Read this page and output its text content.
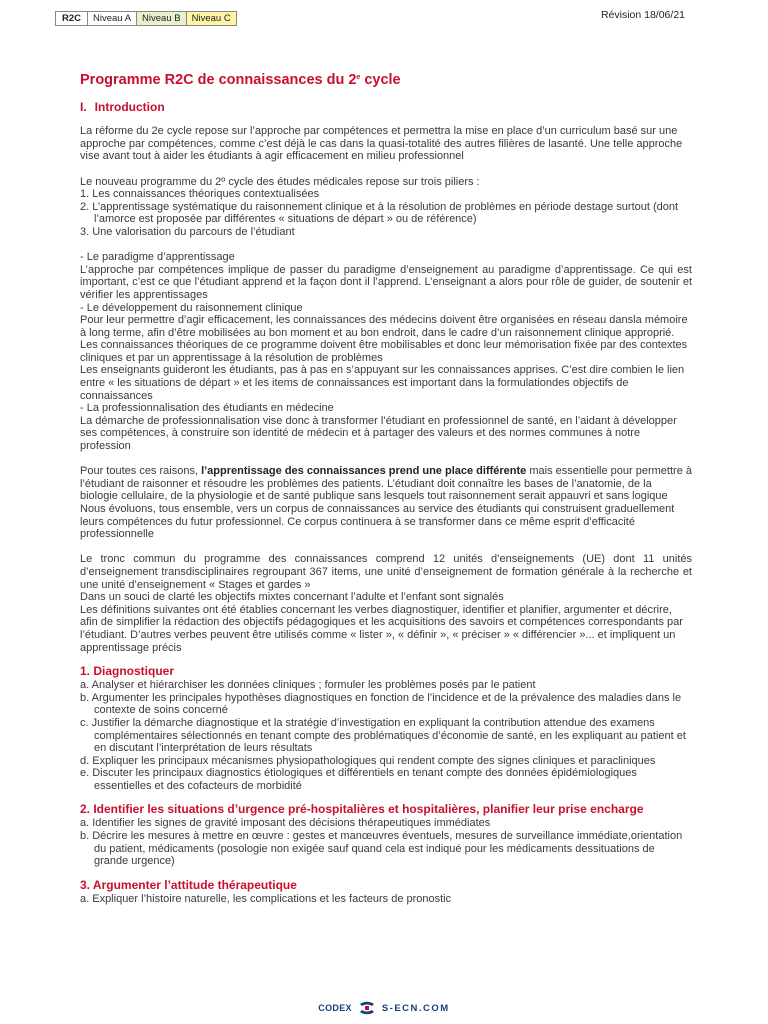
R2C	Niveau A	Niveau B	Niveau C	Révision 18/06/21
Programme R2C de connaissances du 2e cycle
I. Introduction

La réforme du 2e cycle repose sur l’approche par compétences et permettra la mise en place d’un curriculum basé sur une approche par compétences, comme c’est déjà le cas dans la quasi-totalité des autres filières de lasanté. Une telle approche vise avant tout à aider les étudiants à agir efficacement en milieu professionnel

Le nouveau programme du 2º cycle des études médicales repose sur trois piliers :

1. Les connaissances théoriques contextualisées

2. L’apprentissage systématique du raisonnement clinique et à la résolution de problèmes en période destage surtout (dont l’amorce est proposée par différentes « situations de départ » ou de référence)

3. Une valorisation du parcours de l’étudiant

- Le paradigme d’apprentissage

L’approche par compétences implique de passer du paradigme d’enseignement au paradigme d’apprentissage. Ce qui est important, c’est ce que l’étudiant apprend et la façon dont il l’apprend. L’enseignant a alors pour rôle de guider, de soutenir et vérifier les apprentissages

- Le développement du raisonnement clinique

Pour leur permettre d’agir efficacement, les connaissances des médecins doivent être organisées en réseau dansla mémoire à long terme, afin d’être mobilisées au bon moment et au bon endroit, dans le cadre d’un raisonnement clinique approprié. Les connaissances théoriques de ce programme doivent être mobilisables et donc leur mémorisation fixée par des contextes cliniques et par un apprentissage à la résolution de problèmes

Les enseignants guideront les étudiants, pas à pas en s’appuyant sur les connaissances apprises. C’est dire combien le lien entre « les situations de départ » et les items de connaissances est important dans la formulationdes objectifs de connaissances

- La professionnalisation des étudiants en médecine

La démarche de professionnalisation vise donc à transformer l’étudiant en professionnel de santé, en l’aidant à développer ses compétences, à construire son identité de médecin et à partager des valeurs et des normes communes à notre profession

Pour toutes ces raisons, l’apprentissage des connaissances prend une place différente mais essentielle pour permettre à l’étudiant de raisonner et résoudre les problèmes des patients. L’étudiant doit connaître les bases de l’anatomie, de la biologie cellulaire, de la physiologie et de santé publique sans lesquels tout raisonnement serait appauvri et sans logique

Nous évoluons, tous ensemble, vers un corpus de connaissances au service des étudiants qui construisent graduellement leurs compétences du futur professionnel. Ce corpus continuera à se transformer dans ce même esprit d’efficacité professionnelle

Le tronc commun du programme des connaissances comprend 12 unités d’enseignements (UE) dont 11 unités d’enseignement transdisciplinaires regroupant 367 items, une unité d’enseignement de formation générale à la recherche et une unité d’enseignement « Stages et gardes »

Dans un souci de clarté les objectifs mixtes concernant l’adulte et l’enfant sont signalés

Les définitions suivantes ont été établies concernant les verbes diagnostiquer, identifier et planifier, argumenter et décrire, afin de simplifier la rédaction des objectifs pédagogiques et les acquisitions des savoirs et compétences correspondants par l’étudiant. D’autres verbes peuvent être utilisés comme « lister », « définir », « préciser » « différencier »... et impliquent un apprentissage précis

1. Diagnostiquer

a. Analyser et hiérarchiser les données cliniques ; formuler les problèmes posés par le patient

b. Argumenter les principales hypothèses diagnostiques en fonction de l’incidence et de la prévalence des maladies dans le contexte de soins concerné

c. Justifier la démarche diagnostique et la stratégie d’investigation en expliquant la contribution attendue des examens complémentaires sélectionnés en tenant compte des problématiques d’économie de santé, en les expliquant au patient et en discutant l’interprétation de leurs résultats

d. Expliquer les principaux mécanismes physiopathologiques qui rendent compte des signes cliniques et paracliniques

e. Discuter les principaux diagnostics étiologiques et différentiels en tenant compte des données épidémiologiques essentielles et des cofacteurs de morbidité

2. Identifier les situations d’urgence pré-hospitalières et hospitalières, planifier leur prise encharge

a. Identifier les signes de gravité imposant des décisions thérapeutiques immédiates

b. Décrire les mesures à mettre en œuvre : gestes et manœuvres éventuels, mesures de surveillance immédiate,orientation du patient, médicaments (posologie non exigée sauf quand cela est indiqué pour les médicaments dessituations de grande urgence)

3. Argumenter l’attitude thérapeutique

a. Expliquer l’histoire naturelle, les complications et les facteurs de pronostic

CODEX	S-ECN.COM
